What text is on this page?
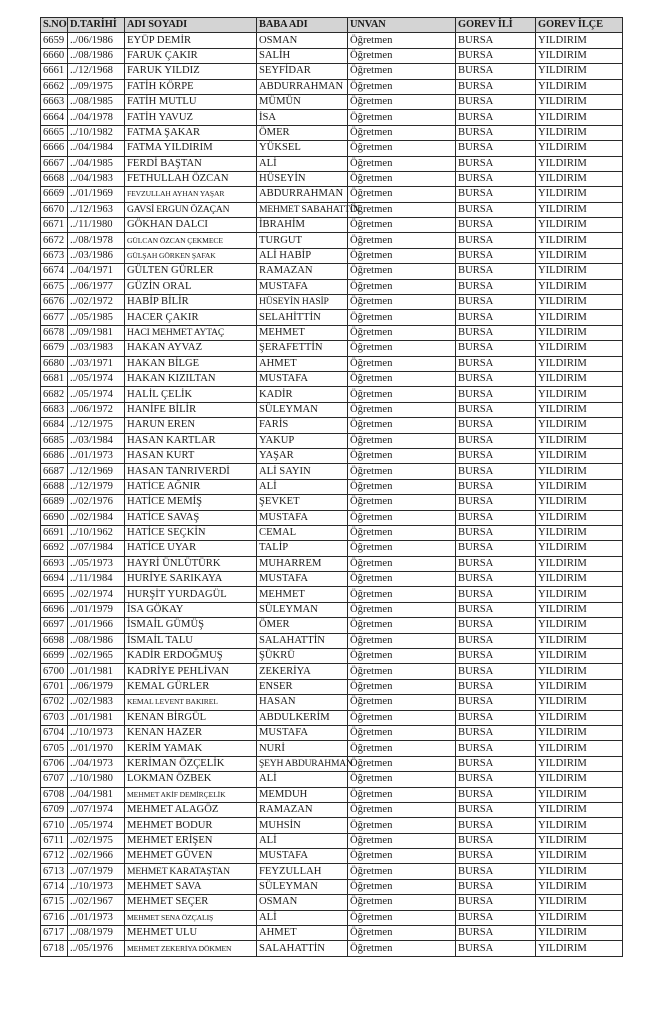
S.NO	D.TARİHİ	ADI SOYADI	BABA ADI	UNVAN	GOREV İLİ	GOREV İLÇE
6659	../06/1986	EYÜP DEMİR	OSMAN	Öğretmen	BURSA	YILDIRIM
6660	../08/1986	FARUK ÇAKIR	SALİH	Öğretmen	BURSA	YILDIRIM
6661	../12/1968	FARUK YILDIZ	SEYFİDAR	Öğretmen	BURSA	YILDIRIM
6662	../09/1975	FATİH KÖRPE	ABDURRAHMAN	Öğretmen	BURSA	YILDIRIM
6663	../08/1985	FATİH MUTLU	MÜMÜN	Öğretmen	BURSA	YILDIRIM
6664	../04/1978	FATİH YAVUZ	İSA	Öğretmen	BURSA	YILDIRIM
6665	../10/1982	FATMA ŞAKAR	ÖMER	Öğretmen	BURSA	YILDIRIM
6666	../04/1984	FATMA YILDIRIM	YÜKSEL	Öğretmen	BURSA	YILDIRIM
6667	../04/1985	FERDİ BAŞTAN	ALİ	Öğretmen	BURSA	YILDIRIM
6668	../04/1983	FETHULLAH ÖZCAN	HÜSEYİN	Öğretmen	BURSA	YILDIRIM
6669	../01/1969	FEVZULLAH AYHAN YAŞAR	ABDURRAHMAN	Öğretmen	BURSA	YILDIRIM
6670	../12/1963	GAVSİ ERGUN ÖZAÇAN	MEHMET SABAHATTİN	Öğretmen	BURSA	YILDIRIM
6671	../11/1980	GÖKHAN DALCI	İBRAHİM	Öğretmen	BURSA	YILDIRIM
6672	../08/1978	GÜLCAN ÖZCAN ÇEKMECE	TURGUT	Öğretmen	BURSA	YILDIRIM
6673	../03/1986	GÜLŞAH GÖRKEN ŞAFAK	ALİ HABİP	Öğretmen	BURSA	YILDIRIM
6674	../04/1971	GÜLTEN GÜRLER	RAMAZAN	Öğretmen	BURSA	YILDIRIM
6675	../06/1977	GÜZİN ORAL	MUSTAFA	Öğretmen	BURSA	YILDIRIM
6676	../02/1972	HABİP BİLİR	HÜSEYİN HASİP	Öğretmen	BURSA	YILDIRIM
6677	../05/1985	HACER ÇAKIR	SELAHİTTİN	Öğretmen	BURSA	YILDIRIM
6678	../09/1981	HACI MEHMET AYTAÇ	MEHMET	Öğretmen	BURSA	YILDIRIM
6679	../03/1983	HAKAN AYVAZ	ŞERAFETTİN	Öğretmen	BURSA	YILDIRIM
6680	../03/1971	HAKAN BİLGE	AHMET	Öğretmen	BURSA	YILDIRIM
6681	../05/1974	HAKAN KIZILTAN	MUSTAFA	Öğretmen	BURSA	YILDIRIM
6682	../05/1974	HALİL ÇELİK	KADİR	Öğretmen	BURSA	YILDIRIM
6683	../06/1972	HANİFE BİLİR	SÜLEYMAN	Öğretmen	BURSA	YILDIRIM
6684	../12/1975	HARUN EREN	FARİS	Öğretmen	BURSA	YILDIRIM
6685	../03/1984	HASAN KARTLAR	YAKUP	Öğretmen	BURSA	YILDIRIM
6686	../01/1973	HASAN KURT	YAŞAR	Öğretmen	BURSA	YILDIRIM
6687	../12/1969	HASAN TANRIVERDİ	ALİ SAYIN	Öğretmen	BURSA	YILDIRIM
6688	../12/1979	HATİCE AĞNIR	ALİ	Öğretmen	BURSA	YILDIRIM
6689	../02/1976	HATİCE MEMİŞ	ŞEVKET	Öğretmen	BURSA	YILDIRIM
6690	../02/1984	HATİCE SAVAŞ	MUSTAFA	Öğretmen	BURSA	YILDIRIM
6691	../10/1962	HATİCE SEÇKİN	CEMAL	Öğretmen	BURSA	YILDIRIM
6692	../07/1984	HATİCE UYAR	TALİP	Öğretmen	BURSA	YILDIRIM
6693	../05/1973	HAYRİ ÜNLÜTÜRK	MUHARREM	Öğretmen	BURSA	YILDIRIM
6694	../11/1984	HURİYE SARIKAYA	MUSTAFA	Öğretmen	BURSA	YILDIRIM
6695	../02/1974	HURŞİT YURDAGÜL	MEHMET	Öğretmen	BURSA	YILDIRIM
6696	../01/1979	İSA GÖKAY	SÜLEYMAN	Öğretmen	BURSA	YILDIRIM
6697	../01/1966	İSMAİL GÜMÜŞ	ÖMER	Öğretmen	BURSA	YILDIRIM
6698	../08/1986	İSMAİL TALU	SALAHATTİN	Öğretmen	BURSA	YILDIRIM
6699	../02/1965	KADİR ERDOĞMUŞ	ŞÜKRÜ	Öğretmen	BURSA	YILDIRIM
6700	../01/1981	KADRİYE PEHLİVAN	ZEKERİYA	Öğretmen	BURSA	YILDIRIM
6701	../06/1979	KEMAL GÜRLER	ENSER	Öğretmen	BURSA	YILDIRIM
6702	../02/1983	KEMAL LEVENT BAKIREL	HASAN	Öğretmen	BURSA	YILDIRIM
6703	../01/1981	KENAN BİRGÜL	ABDULKERİM	Öğretmen	BURSA	YILDIRIM
6704	../10/1973	KENAN HAZER	MUSTAFA	Öğretmen	BURSA	YILDIRIM
6705	../01/1970	KERİM YAMAK	NURİ	Öğretmen	BURSA	YILDIRIM
6706	../04/1973	KERİMAN ÖZÇELİK	ŞEYH ABDURAHMAN	Öğretmen	BURSA	YILDIRIM
6707	../10/1980	LOKMAN ÖZBEK	ALİ	Öğretmen	BURSA	YILDIRIM
6708	../04/1981	MEHMET AKİF DEMİRÇELİK	MEMDUH	Öğretmen	BURSA	YILDIRIM
6709	../07/1974	MEHMET ALAGÖZ	RAMAZAN	Öğretmen	BURSA	YILDIRIM
6710	../05/1974	MEHMET BODUR	MUHSİN	Öğretmen	BURSA	YILDIRIM
6711	../02/1975	MEHMET ERİŞEN	ALİ	Öğretmen	BURSA	YILDIRIM
6712	../02/1966	MEHMET GÜVEN	MUSTAFA	Öğretmen	BURSA	YILDIRIM
6713	../07/1979	MEHMET KARATAŞTAN	FEYZULLAH	Öğretmen	BURSA	YILDIRIM
6714	../10/1973	MEHMET SAVA	SÜLEYMAN	Öğretmen	BURSA	YILDIRIM
6715	../02/1967	MEHMET SEÇER	OSMAN	Öğretmen	BURSA	YILDIRIM
6716	../01/1973	MEHMET SENA ÖZÇALIŞ	ALİ	Öğretmen	BURSA	YILDIRIM
6717	../08/1979	MEHMET ULU	AHMET	Öğretmen	BURSA	YILDIRIM
6718	../05/1976	MEHMET ZEKERİYA DÖKMEN	SALAHATTİN	Öğretmen	BURSA	YILDIRIM
